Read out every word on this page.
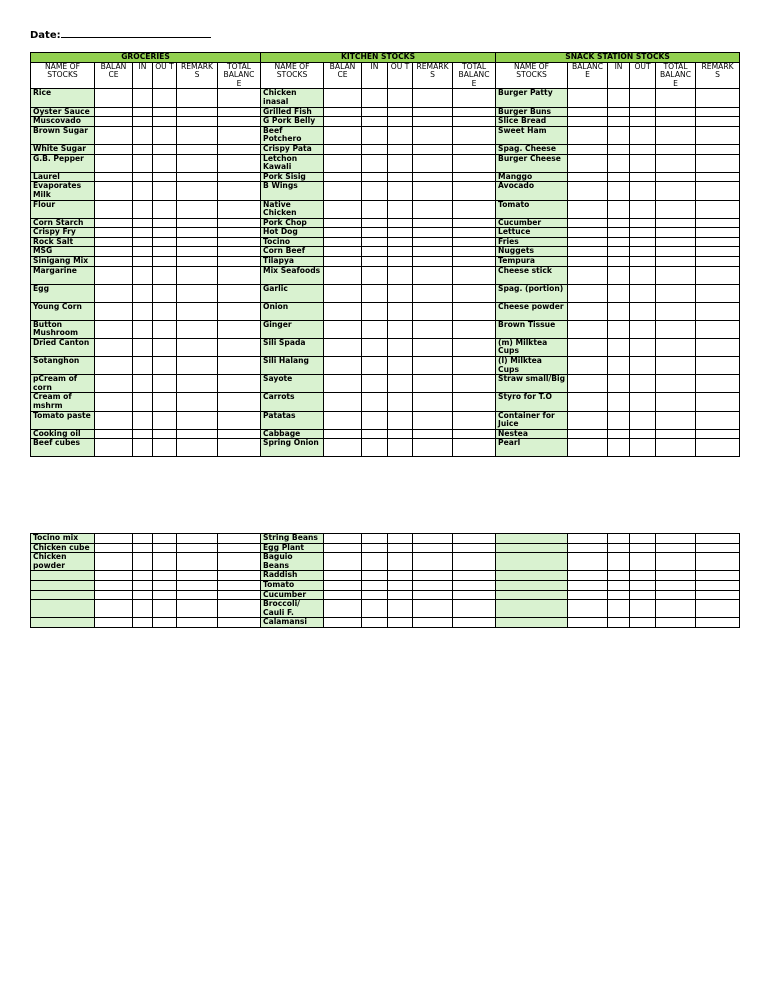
Date:
GROCERIES						KITCHEN STOCKS						SNACK STATION STOCKS					
NAME OF STOCKS	BALAN CE	IN	OU T	REMARK S	TOTAL BALANC E	NAME OF STOCKS	BALAN CE	IN	OU T	REMARK S	TOTAL BALANC E	NAME OF STOCKS	BALANC E	IN	OUT	TOTAL BALANC E	REMARK S
Rice						Chicken inasal						Burger Patty					
Oyster Sauce						Grilled Fish						Burger Buns					
Muscovado						G Pork Belly						Slice Bread					
Brown Sugar						Beef Potchero						Sweet Ham					
White Sugar						Crispy Pata						Spag. Cheese					
G.B. Pepper						Letchon Kawali						Burger Cheese					
Laurel						Pork Sisig						Manggo					
Evaporates Milk						B Wings						Avocado					
Flour						Native Chicken						Tomato					
Corn Starch						Pork Chop						Cucumber					
Crispy Fry						Hot Dog						Lettuce					
Rock Salt						Tocino						Fries					
MSG						Corn Beef						Nuggets					
Sinigang Mix						Tilapya						Tempura					
Margarine						Mix Seafoods						Cheese stick					
Egg						Garlic						Spag. (portion)					
Young Corn						Onion						Cheese powder					
Button Mushroom						Ginger						Brown Tissue					
Dried Canton						Sili Spada						(m) Milktea Cups					
Sotanghon						Sili Halang						(l) Milktea Cups					
pCream of corn						Sayote						Straw small/Big					
Cream of mshrm						Carrots						Styro for T.O					
Tomato paste						Patatas						Container for Juice					
Cooking oil						Cabbage						Nestea					
Beef cubes						Spring Onion						Pearl					
Tocino mix						String Beans											
Chicken cube						Egg Plant											
Chicken powder						Baguio Beans											
						Raddish											
						Tomato											
						Cucumber											
						Broccoli/ Cauli F.											
						Calamansi											
